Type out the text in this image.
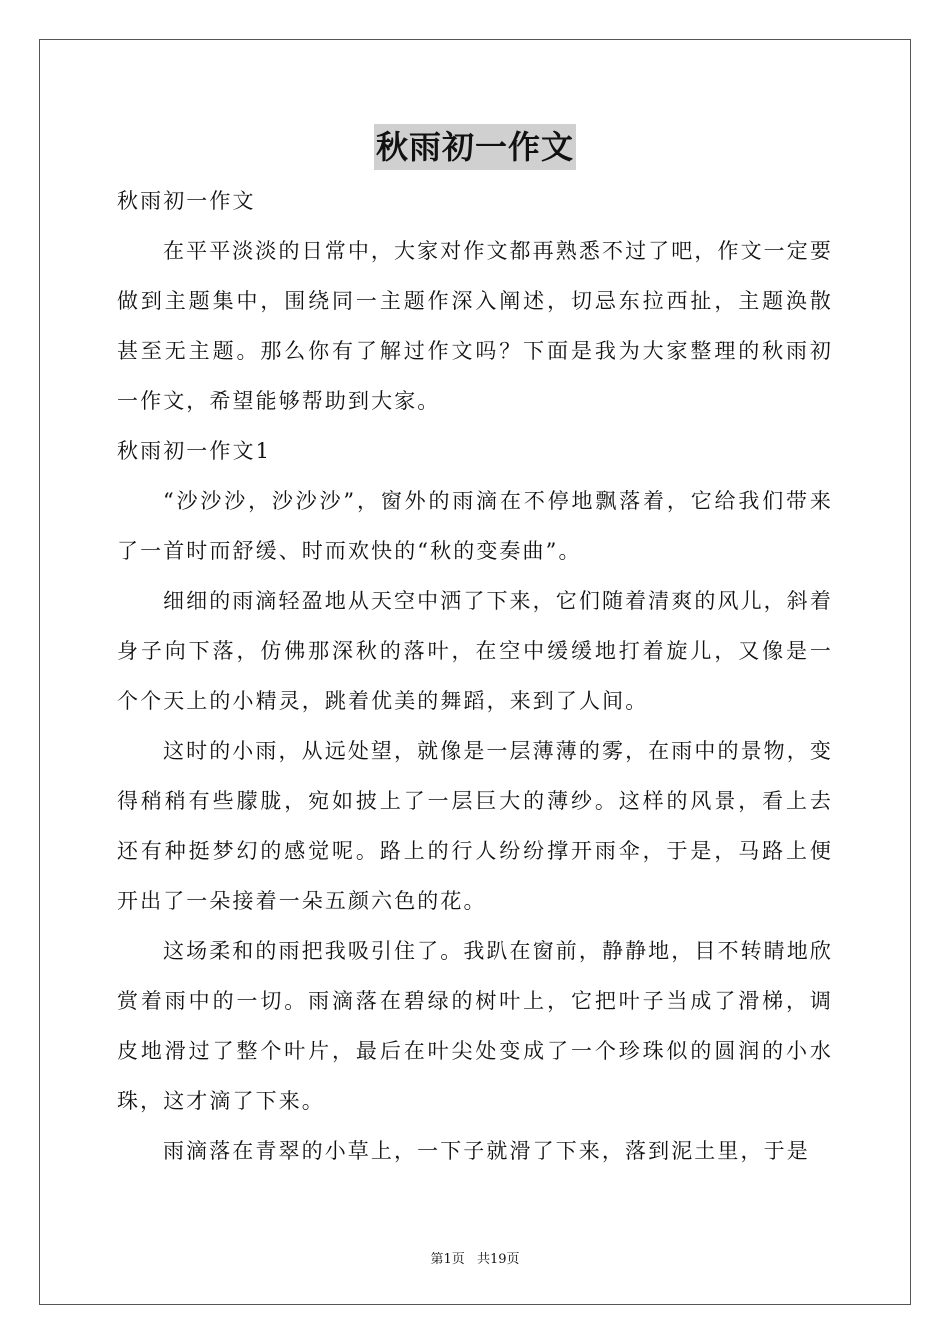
秋雨初一作文

秋雨初一作文

在平平淡淡的日常中，大家对作文都再熟悉不过了吧，作文一定要做到主题集中，围绕同一主题作深入阐述，切忌东拉西扯，主题涣散甚至无主题。那么你有了解过作文吗？下面是我为大家整理的秋雨初一作文，希望能够帮助到大家。

秋雨初一作文1

“沙沙沙，沙沙沙”，窗外的雨滴在不停地飘落着，它给我们带来了一首时而舒缓、时而欢快的“秋的变奏曲”。

细细的雨滴轻盈地从天空中洒了下来，它们随着清爽的风儿，斜着身子向下落，仿佛那深秋的落叶，在空中缓缓地打着旋儿，又像是一个个天上的小精灵，跳着优美的舞蹈，来到了人间。

这时的小雨，从远处望，就像是一层薄薄的雾，在雨中的景物，变得稍稍有些朦胧，宛如披上了一层巨大的薄纱。这样的风景，看上去还有种挺梦幻的感觉呢。路上的行人纷纷撑开雨伞，于是，马路上便开出了一朵接着一朵五颜六色的花。

这场柔和的雨把我吸引住了。我趴在窗前，静静地，目不转睛地欣赏着雨中的一切。雨滴落在碧绿的树叶上，它把叶子当成了滑梯，调皮地滑过了整个叶片，最后在叶尖处变成了一个珍珠似的圆润的小水珠，这才滴了下来。

雨滴落在青翠的小草上，一下子就滑了下来，落到泥土里，于是

第1页 共19页
